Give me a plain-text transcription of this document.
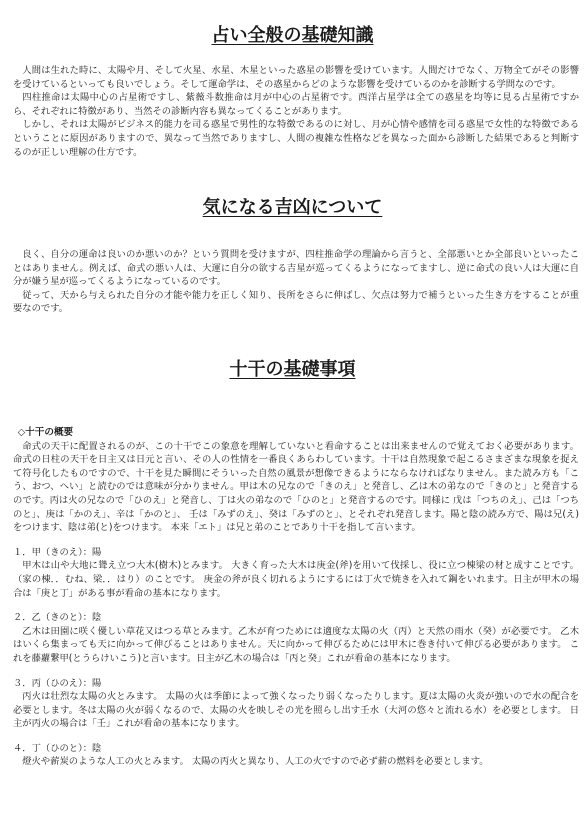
占い全般の基礎知識

人間は生れた時に、太陽や月、そして火星、水星、木星といった惑星の影響を受けています。人間だけでなく、万物全てがその影響を受けているといっても良いでしょう。そして運命学は、その惑星からどのような影響を受けているのかを診断する学問なのです。

四柱推命は太陽中心の占星術ですし、紫薇斗数推命は月が中心の占星術です。西洋占星学は全ての惑星を均等に見る占星術ですから、それぞれに特徴があり、当然その診断内容も異なってくることがあります。

しかし、それは太陽がビジネス的能力を司る惑星で男性的な特徴であるのに対し、月が心情や感情を司る惑星で女性的な特徴であるということに原因がありますので、異なって当然でありますし、人間の複雑な性格などを異なった面から診断した結果であると判断するのが正しい理解の仕方です。

気になる吉凶について

良く、自分の運命は良いのか悪いのか？という質問を受けますが、四柱推命学の理論から言うと、全部悪いとか全部良いといったことはありません。例えば、命式の悪い人は、大運に自分の欲する吉星が巡ってくるようになってますし、逆に命式の良い人は大運に自分が嫌う星が巡ってくるようになっているのです。

従って、天から与えられた自分の才能や能力を正しく知り、長所をさらに伸ばし、欠点は努力で補うといった生き方をすることが重要なのです。

十干の基礎事項
◇十干の概要

命式の天干に配置されるのが、この十干でこの象意を理解していないと看命することは出来ませんので覚えておく必要があります。 命式の日柱の天干を日主又は日元と言い、その人の性情を一番良くあらわしています。十干は自然現象で起こるさまざまな現象を捉えて符号化したものですので、十干を見た瞬間にそういった自然の風景が想像できるようにならなければなりません。また読み方も「こう、おつ、へい」と読むのでは意味が分かりません。甲は木の兄なので「きのえ」と発音し、乙は木の弟なので「きのと」と発音するのです。丙は火の兄なので「ひのえ」と発音し、丁は火の弟なので「ひのと」と発音するのです。同様に 戊は「つちのえ」、己は「つちのと」、庚は「かのえ」、辛は「かのと」、 壬は「みずのえ」、癸は「みずのと」、とそれぞれ発音します。陽と陰の読み方で、陽は兄(え)をつけます、陰は弟(と)をつけます。 本来「エト」は兄と弟のことであり十干を指して言います。

１．甲（きのえ）：陽

甲木は山や大地に聳え立つ大木(樹木)とみます。 大きく育った大木は庚金(斧)を用いて伐採し、役に立つ棟梁の材と成すことです。（家の棟．．むね、梁．．はり）のことです。 庚金の斧が良く切れるようにするには丁火で焼きを入れて鋼をいれます。日主が甲木の場合は「庚と丁」がある事が看命の基本になります。

２．乙（きのと）：陰

乙木は田園に咲く優しい草花又はつる草とみます。乙木が育つためには適度な太陽の火（丙）と天然の雨水（癸）が必要です。 乙木はいくら集まっても天に向かって伸びることはありません。天に向かって伸びるためには甲木に巻き付いて伸びる必要があります。 これを藤蘿繋甲(とうらけいこう)と言います。日主が乙木の場合は「丙と癸」これが看命の基本になります。

３．丙（ひのえ）：陽

丙火は壮烈な太陽の火とみます。 太陽の火は季節によって強くなったり弱くなったりします。夏は太陽の火炎が強いので水の配合を必要とします。冬は太陽の火が弱くなるので、太陽の火を映しその光を照らし出す壬水（大河の悠々と流れる水）を必要とします。 日主が丙火の場合は「壬」これが看命の基本になります。

４．丁（ひのと）：陰

燈火や薪炭のような人工の火とみます。 太陽の丙火と異なり、人工の火ですので必ず薪の燃料を必要とします。
